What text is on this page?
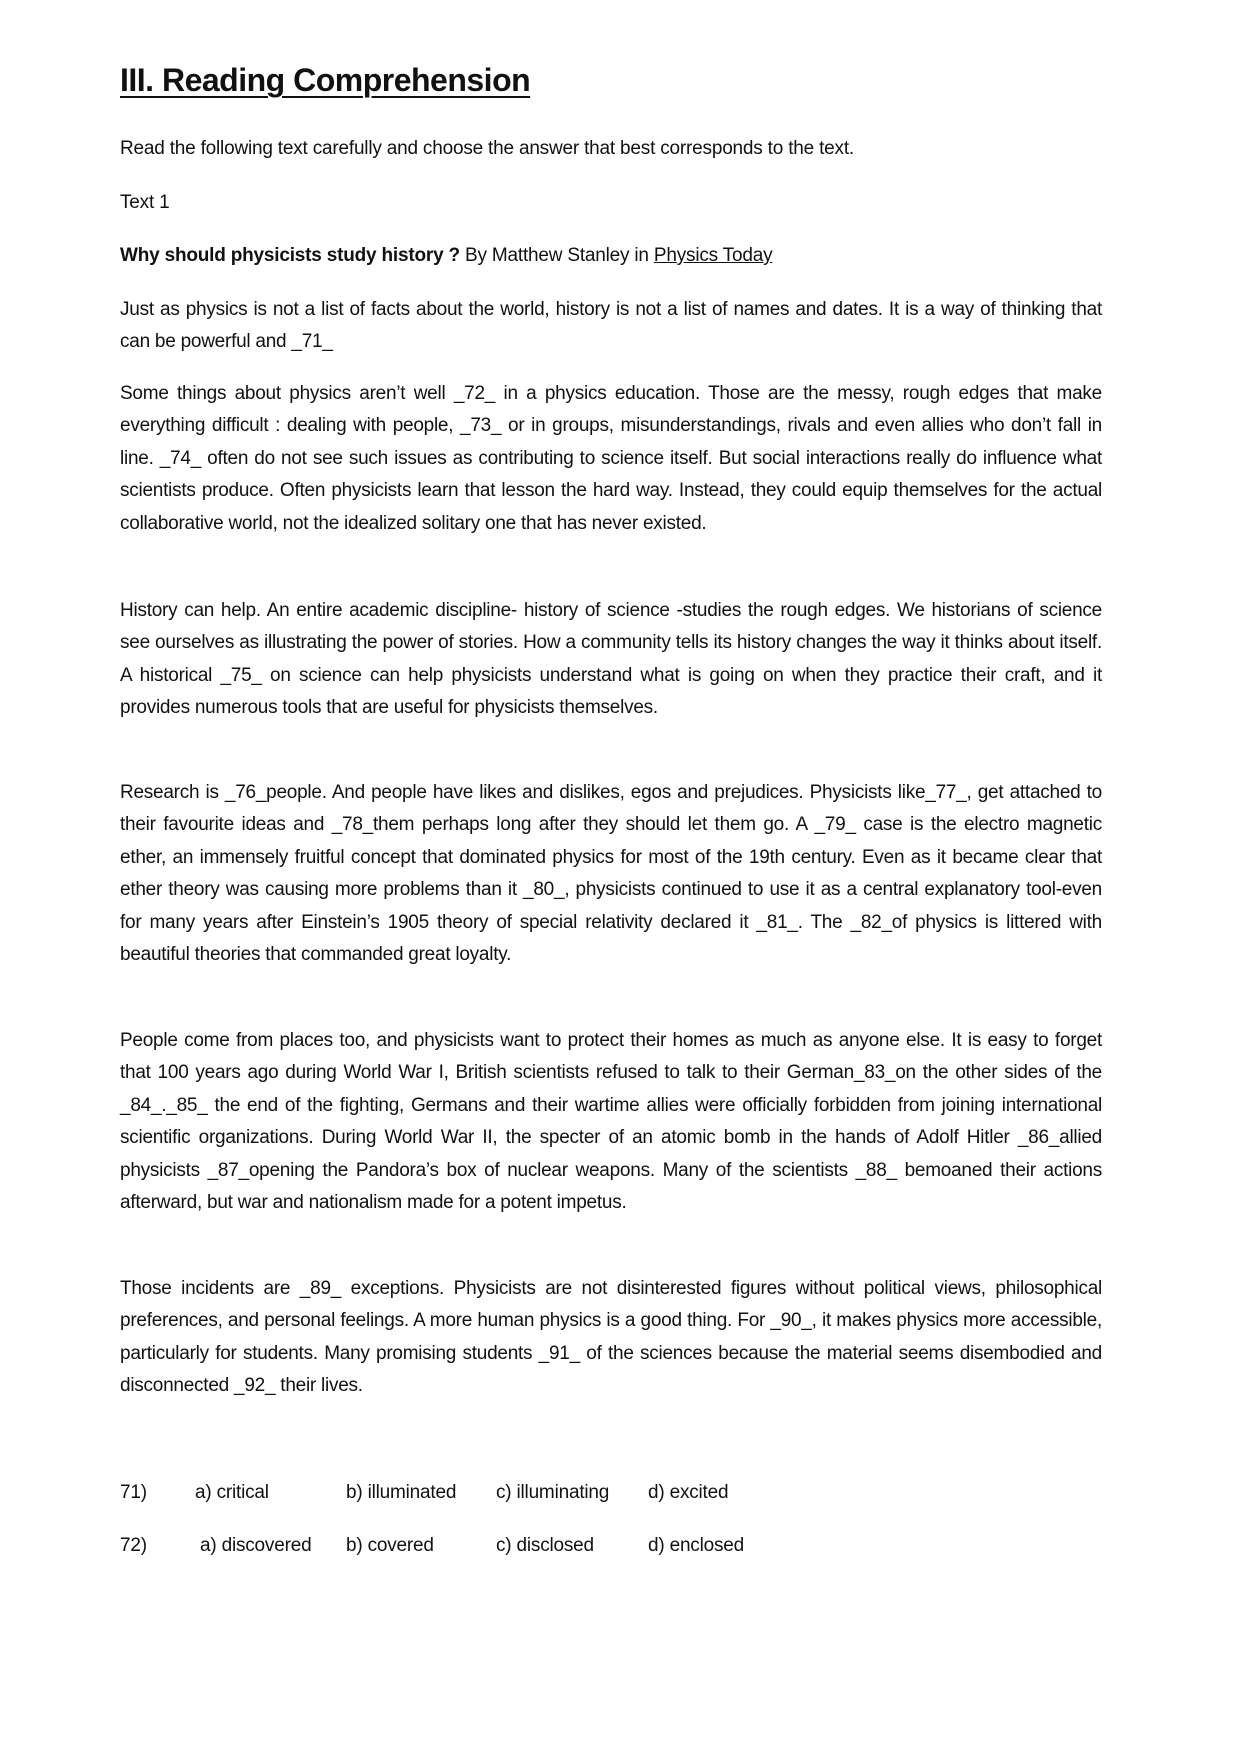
III. Reading Comprehension
Read the following text carefully and choose the answer that best corresponds to the text.
Text 1
Why should physicists study history ? By Matthew Stanley in Physics Today

Just as physics is not a list of facts about the world, history is not a list of names and dates. It is a way of thinking that can be powerful and _71_

Some things about physics aren’t well _72_ in a physics education. Those are the messy, rough edges that make everything difficult : dealing with people, _73_ or in groups, misunderstandings, rivals and even allies who don’t fall in line. _74_ often do not see such issues as contributing to science itself. But social interactions really do influence what scientists produce. Often physicists learn that lesson the hard way. Instead, they could equip themselves for the actual collaborative world, not the idealized solitary one that has never existed.

History can help. An entire academic discipline- history of science -studies the rough edges. We historians of science see ourselves as illustrating the power of stories. How a community tells its history changes the way it thinks about itself. A historical _75_ on science can help physicists understand what is going on when they practice their craft, and it provides numerous tools that are useful for physicists themselves.

Research is _76_people. And people have likes and dislikes, egos and prejudices. Physicists like_77_, get attached to their favourite ideas and _78_them perhaps long after they should let them go. A _79_ case is the electro magnetic ether, an immensely fruitful concept that dominated physics for most of the 19th century. Even as it became clear that ether theory was causing more problems than it _80_, physicists continued to use it as a central explanatory tool-even for many years after Einstein’s 1905 theory of special relativity declared it _81_. The _82_of physics is littered with beautiful theories that commanded great loyalty.

People come from places too, and physicists want to protect their homes as much as anyone else. It is easy to forget that 100 years ago during World War I, British scientists refused to talk to their German_83_on the other sides of the _84_._85_ the end of the fighting, Germans and their wartime allies were officially forbidden from joining international scientific organizations. During World War II, the specter of an atomic bomb in the hands of Adolf Hitler _86_allied physicists _87_opening the Pandora’s box of nuclear weapons. Many of the scientists _88_ bemoaned their actions afterward, but war and nationalism made for a potent impetus.

Those incidents are _89_ exceptions. Physicists are not disinterested figures without political views, philosophical preferences, and personal feelings. A more human physics is a good thing. For _90_, it makes physics more accessible, particularly for students. Many promising students _91_ of the sciences because the material seems disembodied and disconnected _92_ their lives.

71)	a) critical	b) illuminated	c) illuminating	d) excited
72)	a) discovered	b) covered	c) disclosed	d) enclosed
